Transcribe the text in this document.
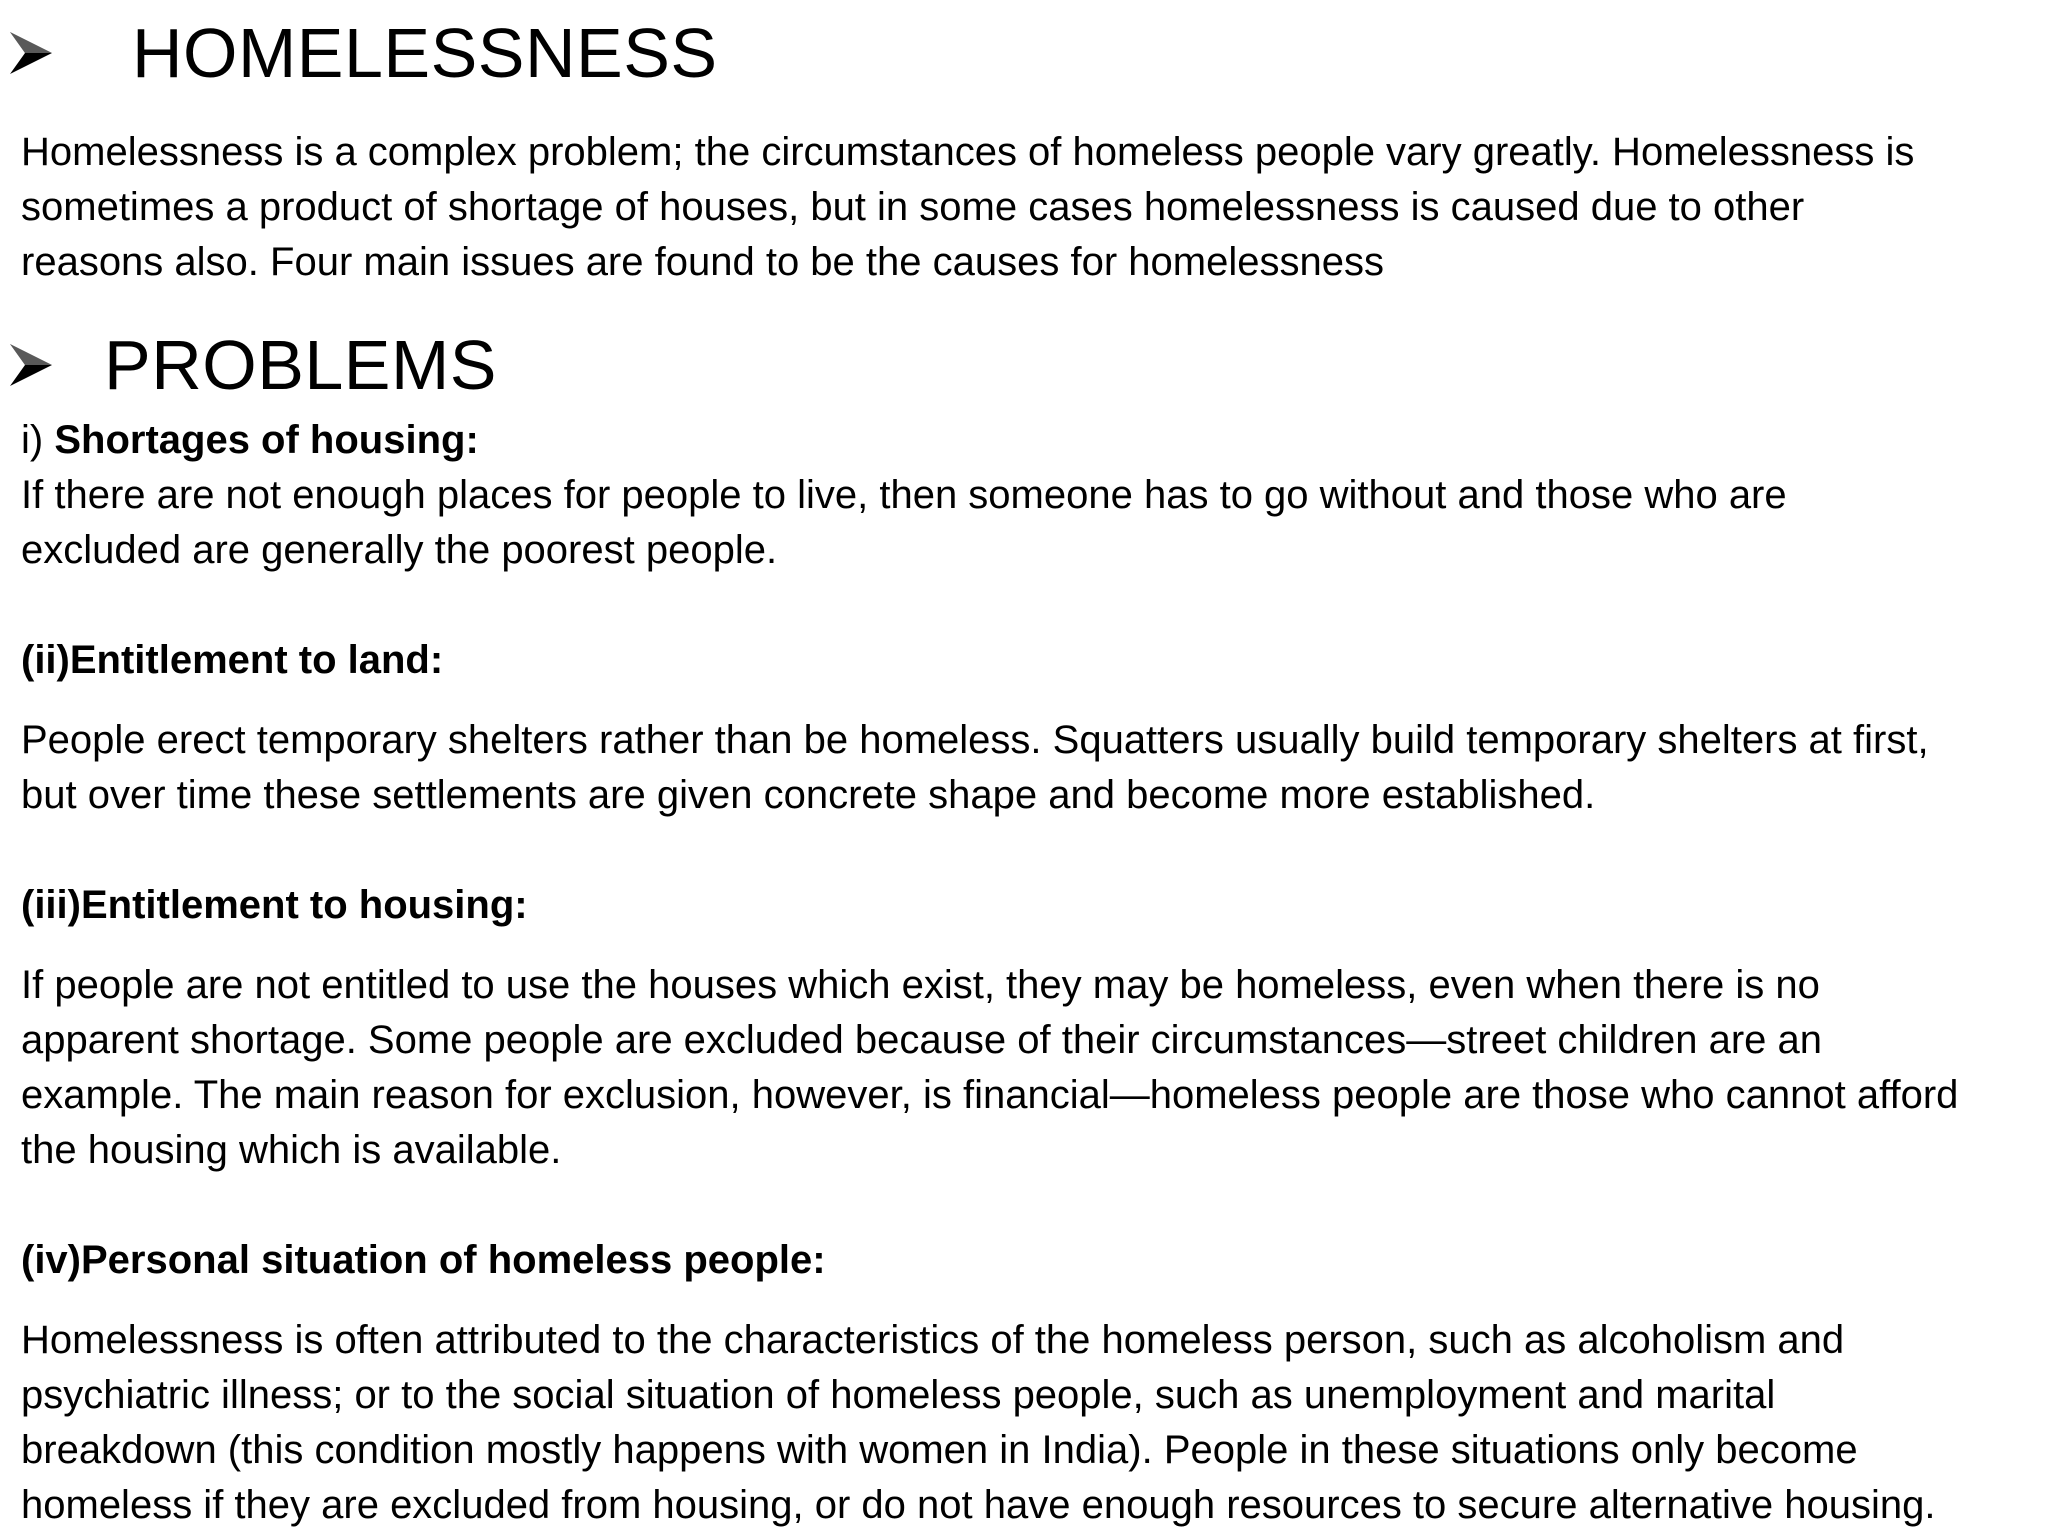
HOMELESSNESS
Homelessness is a complex problem; the circumstances of homeless people vary greatly. Homelessness is
sometimes a product of shortage of houses, but in some cases homelessness is caused due to other
reasons also. Four main issues are found to be the causes for homelessness
PROBLEMS
i) Shortages of housing:
If there are not enough places for people to live, then someone has to go without and those who are
excluded are generally the poorest people.
(ii)Entitlement to land:
People erect temporary shelters rather than be homeless. Squatters usually build temporary shelters at first,
but over time these settlements are given concrete shape and become more established.
(iii)Entitlement to housing:
If people are not entitled to use the houses which exist, they may be homeless, even when there is no
apparent shortage. Some people are excluded because of their circumstances—street children are an
example. The main reason for exclusion, however, is financial—homeless people are those who cannot afford
the housing which is available.
(iv)Personal situation of homeless people:
Homelessness is often attributed to the characteristics of the homeless person, such as alcoholism and
psychiatric illness; or to the social situation of homeless people, such as unemployment and marital
breakdown (this condition mostly happens with women in India). People in these situations only become
homeless if they are excluded from housing, or do not have enough resources to secure alternative housing.
